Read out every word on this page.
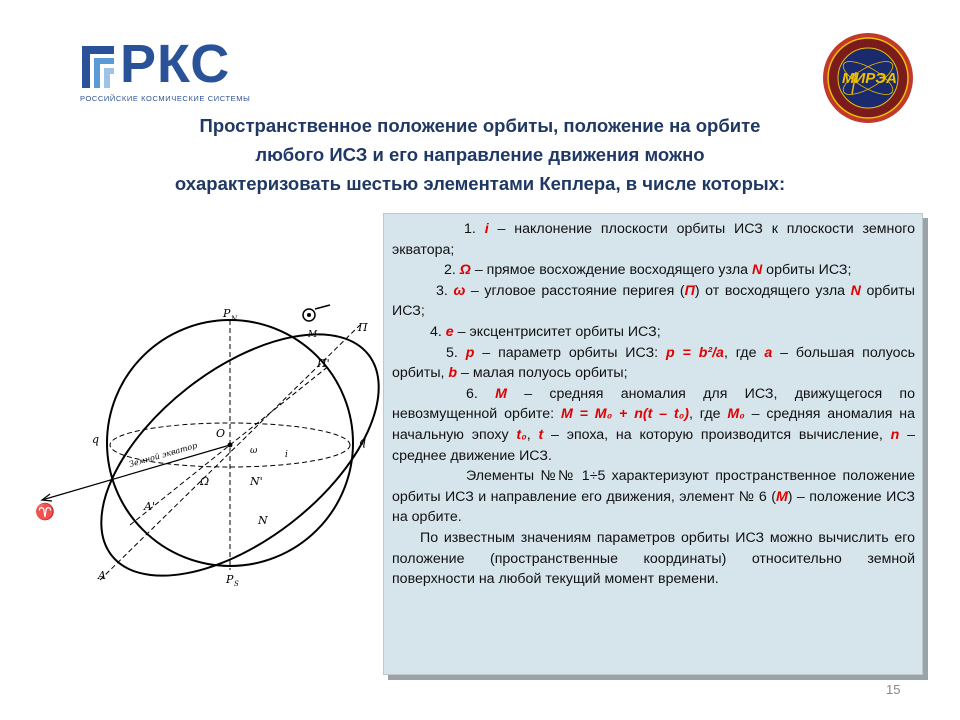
РКС
РОССИЙСКИЕ КОСМИЧЕСКИЕ СИСТЕМЫ
МИРЭА
Пространственное положение орбиты, положение на орбите
любого ИСЗ и его направление движения можно
охарактеризовать шестью элементами Кеплера, в числе которых:
P N
P S
П
П'
M
q	q
O
ω
Ω	N'
N
A'
A
i
♈
Земной экватор

1. i – наклонение плоскости орбиты ИСЗ к плоскости земного экватора;

2. Ω – прямое восхождение восходящего узла N орбиты ИСЗ;

3. ω – угловое расстояние перигея (П) от восходящего узла N орбиты ИСЗ;

4. e – эксцентриситет орбиты ИСЗ;

5. p – параметр орбиты ИСЗ: p = b²/a, где a – большая полуось орбиты, b – малая полуось орбиты;

6. M – средняя аномалия для ИСЗ, движущегося по невозмущенной орбите: M = M₀ + n(t – t₀), где M₀ – средняя аномалия на начальную эпоху t₀, t – эпоха, на которую производится вычисление, n – среднее движение ИСЗ.

Элементы №№ 1÷5 характеризуют пространственное положение орбиты ИСЗ и направление его движения, элемент № 6 (M) – положение ИСЗ на орбите.

По известным значениям параметров орбиты ИСЗ можно вычислить его положение (пространственные координаты) относительно земной поверхности на любой текущий момент времени.

15
